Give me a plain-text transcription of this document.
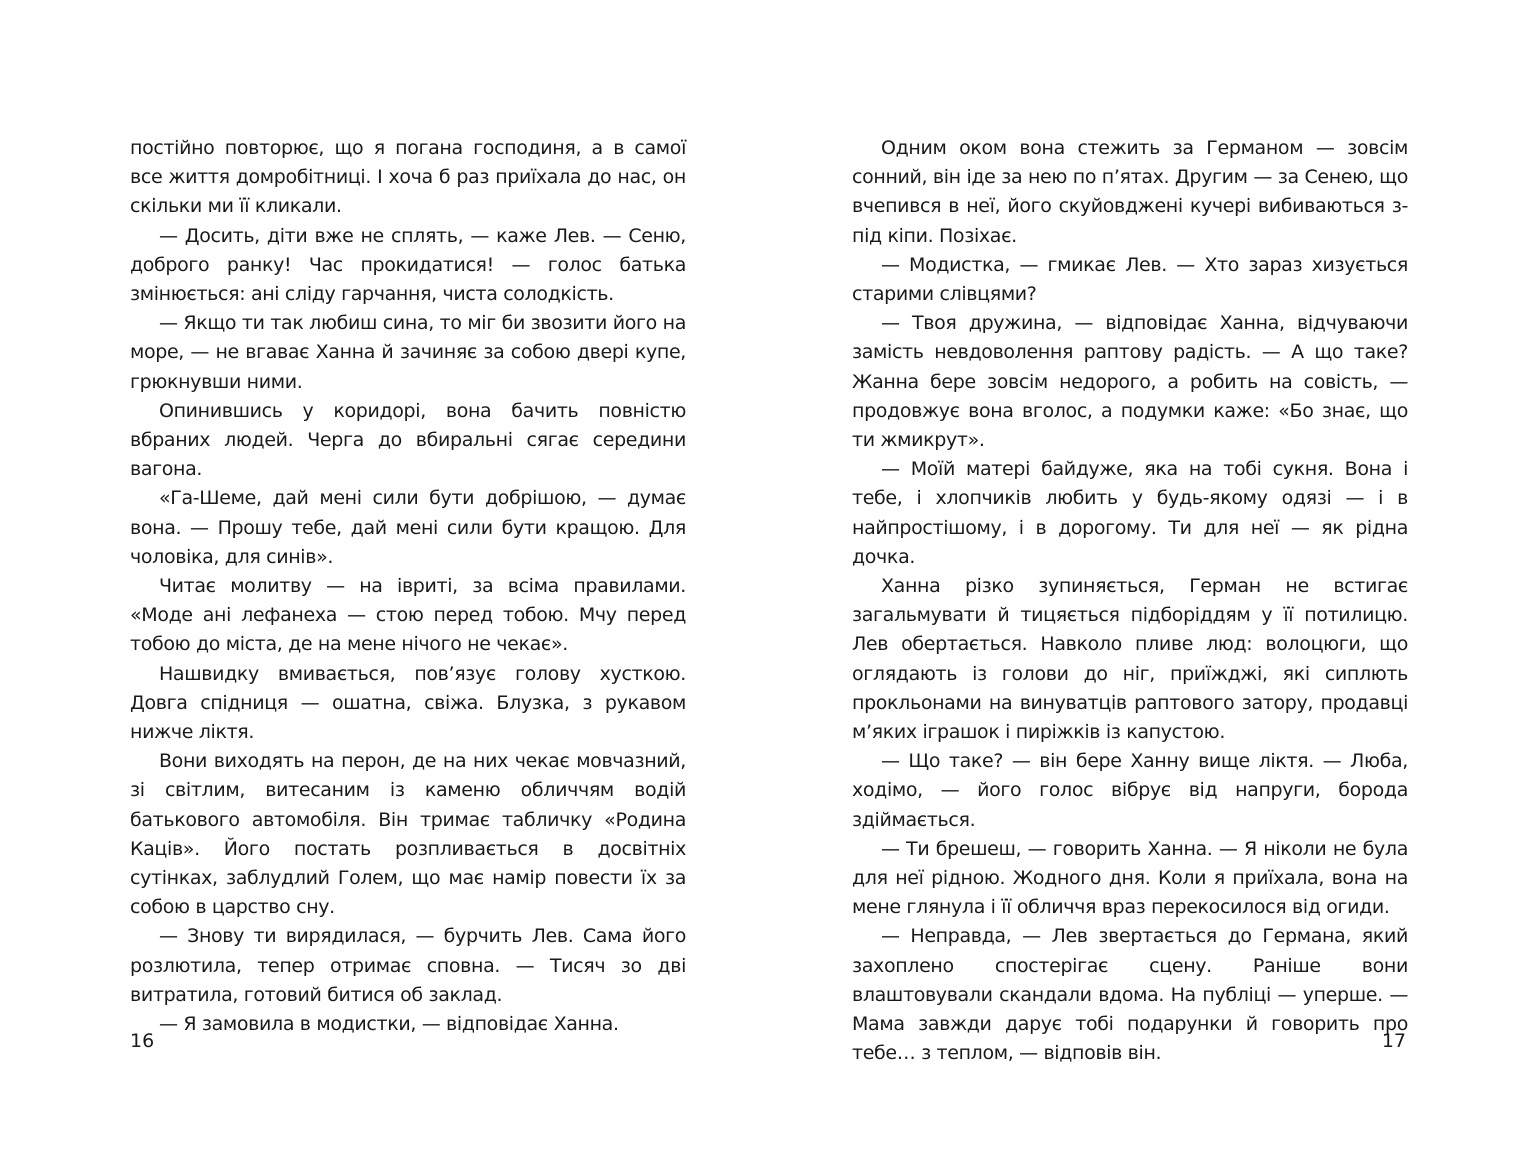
постійно повторює, що я погана господиня, а в самої все життя домробітниці. І хоча б раз приїхала до нас, он скільки ми її кликали.

— Досить, діти вже не сплять, — каже Лев. — Сеню, доброго ранку! Час прокидатися! — голос батька змінюється: ані сліду гарчання, чиста солодкість.

— Якщо ти так любиш сина, то міг би звозити його на море, — не вгаває Ханна й зачиняє за собою двері купе, грюкнувши ними.

Опинившись у коридорі, вона бачить повністю вбраних людей. Черга до вбиральні сягає середини вагона.

«Га-Шеме, дай мені сили бути добрішою, — думає вона. — Прошу тебе, дай мені сили бути кращою. Для чоловіка, для синів».

Читає молитву — на івриті, за всіма правилами. «Моде ані лефанеха — стою перед тобою. Мчу перед тобою до міста, де на мене нічого не чекає».

Нашвидку вмивається, пов’язує голову хусткою. Довга спідниця — ошатна, свіжа. Блузка, з рукавом нижче ліктя.

Вони виходять на перон, де на них чекає мовчазний, зі світлим, витесаним із каменю обличчям водій батькового автомобіля. Він тримає табличку «Родина Каців». Його постать розпливається в досвітніх сутінках, заблудлий Голем, що має намір повести їх за собою в царство сну.

— Знову ти вирядилася, — бурчить Лев. Сама його розлютила, тепер отримає сповна. — Тисяч зо дві витратила, готовий битися об заклад.

— Я замовила в модистки, — відповідає Ханна.

16

Одним оком вона стежить за Германом — зовсім сонний, він іде за нею по п’ятах. Другим — за Сенею, що вчепився в неї, його скуйовджені кучері вибиваються з-під кіпи. Позіхає.

— Модистка, — гмикає Лев. — Хто зараз хизується старими слівцями?

— Твоя дружина, — відповідає Ханна, відчуваючи замість невдоволення раптову радість. — А що таке? Жанна бере зовсім недорого, а робить на совість, — продовжує вона вголос, а подумки каже: «Бо знає, що ти жмикрут».

— Моїй матері байдуже, яка на тобі сукня. Вона і тебе, і хлопчиків любить у будь-якому одязі — і в найпростішому, і в дорогому. Ти для неї — як рідна дочка.

Ханна різко зупиняється, Герман не встигає загальмувати й тицяється підборіддям у її потилицю. Лев обертається. Навколо пливе люд: волоцюги, що оглядають із голови до ніг, приїжджі, які сиплють прокльонами на винуватців раптового затору, продавці м’яких іграшок і пиріжків із капустою.

— Що таке? — він бере Ханну вище ліктя. — Люба, ходімо, — його голос вібрує від напруги, борода здіймається.

— Ти брешеш, — говорить Ханна. — Я ніколи не була для неї рідною. Жодного дня. Коли я приїхала, вона на мене глянула і її обличчя враз перекосилося від огиди.

— Неправда, — Лев звертається до Германа, який захоплено спостерігає сцену. Раніше вони влаштовували скандали вдома. На публіці — уперше. — Мама завжди дарує тобі подарунки й говорить про тебе… з теплом, — відповів він.

17
